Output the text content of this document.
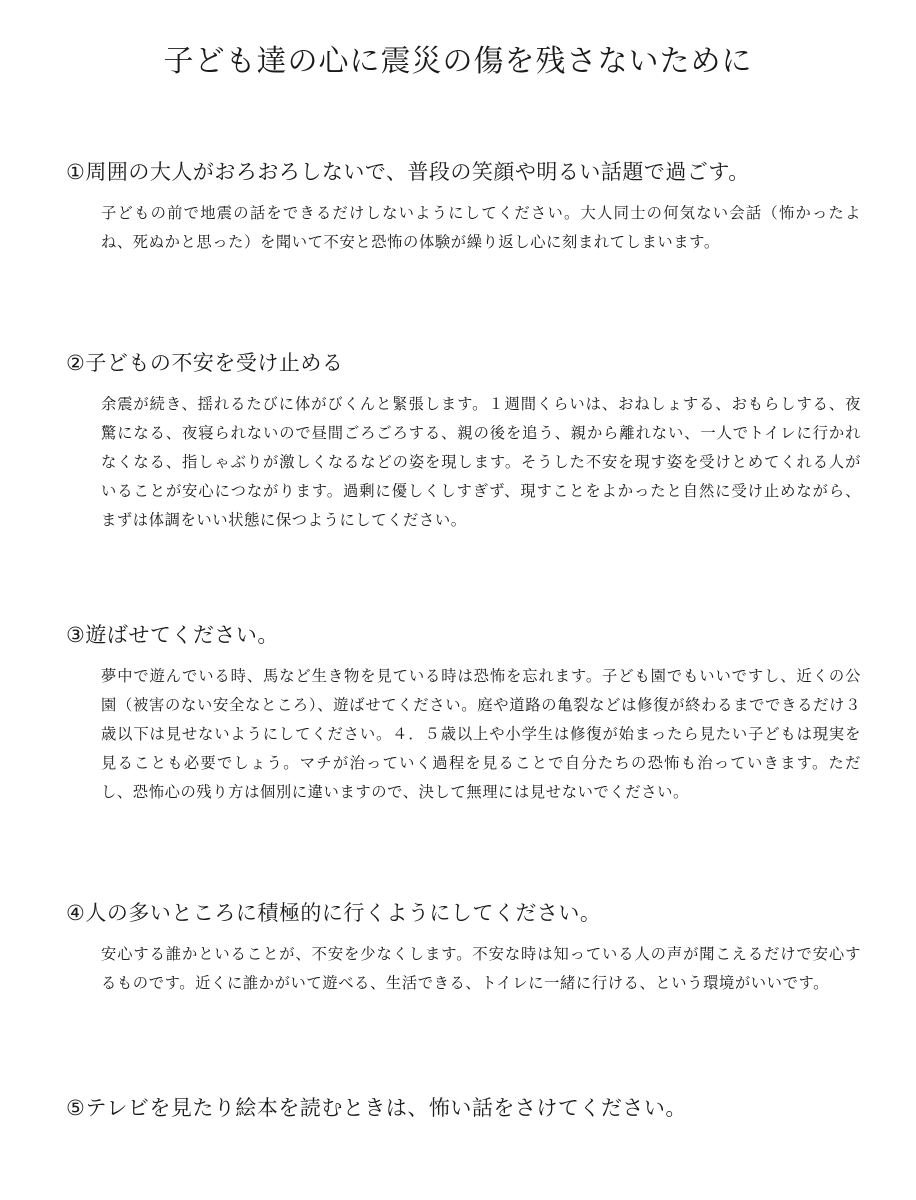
子ども達の心に震災の傷を残さないために
①周囲の大人がおろおろしないで、普段の笑顔や明るい話題で過ごす。

子どもの前で地震の話をできるだけしないようにしてください。大人同士の何気ない会話（怖かったよね、死ぬかと思った）を聞いて不安と恐怖の体験が繰り返し心に刻まれてしまいます。

②子どもの不安を受け止める

余震が続き、揺れるたびに体がびくんと緊張します。１週間くらいは、おねしょする、おもらしする、夜驚になる、夜寝られないので昼間ごろごろする、親の後を追う、親から離れない、一人でトイレに行かれなくなる、指しゃぶりが激しくなるなどの姿を現します。そうした不安を現す姿を受けとめてくれる人がいることが安心につながります。過剰に優しくしすぎず、現すことをよかったと自然に受け止めながら、まずは体調をいい状態に保つようにしてください。

③遊ばせてください。

夢中で遊んでいる時、馬など生き物を見ている時は恐怖を忘れます。子ども園でもいいですし、近くの公園（被害のない安全なところ）、遊ばせてください。庭や道路の亀裂などは修復が終わるまでできるだけ３歳以下は見せないようにしてください。４．５歳以上や小学生は修復が始まったら見たい子どもは現実を見ることも必要でしょう。マチが治っていく過程を見ることで自分たちの恐怖も治っていきます。ただし、恐怖心の残り方は個別に違いますので、決して無理には見せないでください。

④人の多いところに積極的に行くようにしてください。

安心する誰かといることが、不安を少なくします。不安な時は知っている人の声が聞こえるだけで安心するものです。近くに誰かがいて遊べる、生活できる、トイレに一緒に行ける、という環境がいいです。

⑤テレビを見たり絵本を読むときは、怖い話をさけてください。
